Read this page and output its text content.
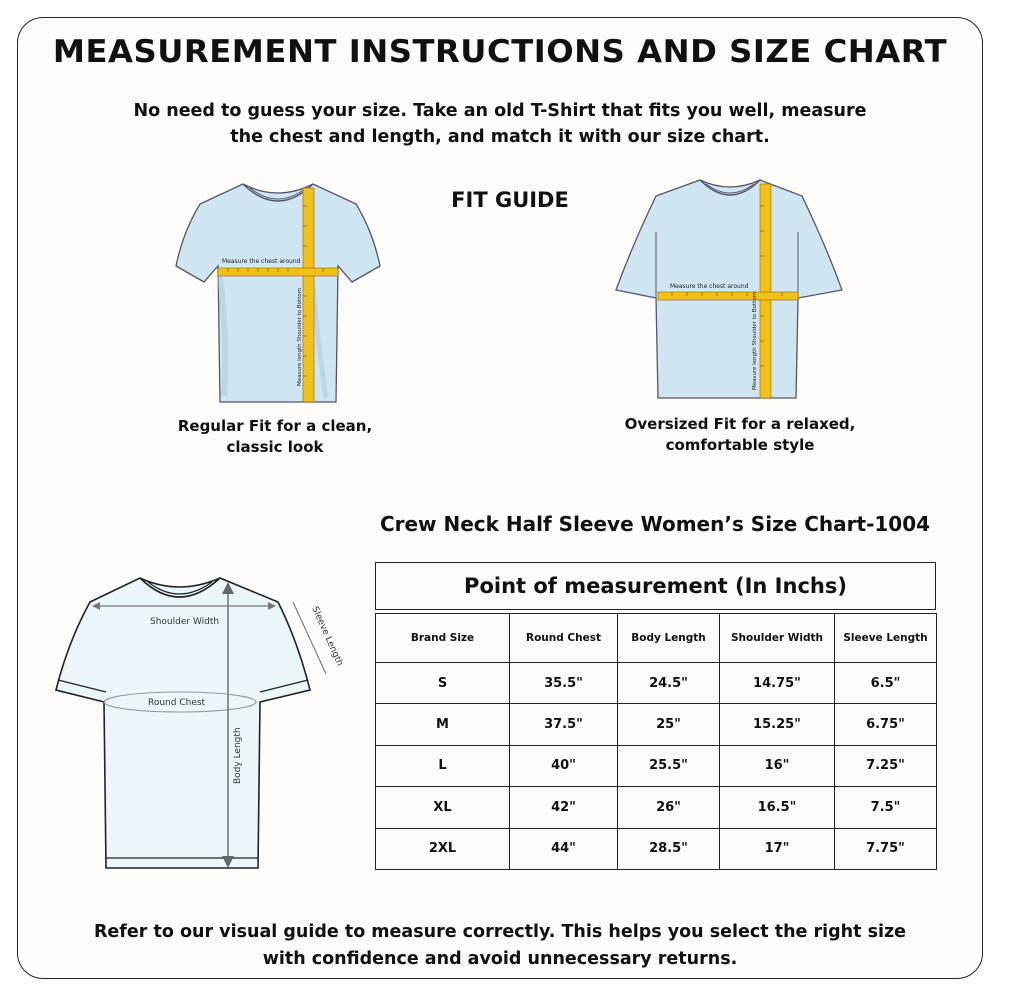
MEASUREMENT INSTRUCTIONS AND SIZE CHART
No need to guess your size. Take an old T-Shirt that fits you well, measure the chest and length, and match it with our size chart.
FIT GUIDE
Measure the chest around
Measure length Shoulder to Bottom
Regular Fit for a clean, classic look
Measure the chest around
Measure length Shoulder to Bottom
Oversized Fit for a relaxed, comfortable style
Shoulder Width	Sleeve Length
Round Chest
Body Length
Crew Neck Half Sleeve Women’s Size Chart-1004
Point of measurement (In Inchs)
Brand Size	Round Chest	Body Length	Shoulder Width	Sleeve Length
S	35.5"	24.5"	14.75"	6.5"
M	37.5"	25"	15.25"	6.75"
L	40"	25.5"	16"	7.25"
XL	42"	26"	16.5"	7.5"
2XL	44"	28.5"	17"	7.75"
Refer to our visual guide to measure correctly. This helps you select the right size with confidence and avoid unnecessary returns.
